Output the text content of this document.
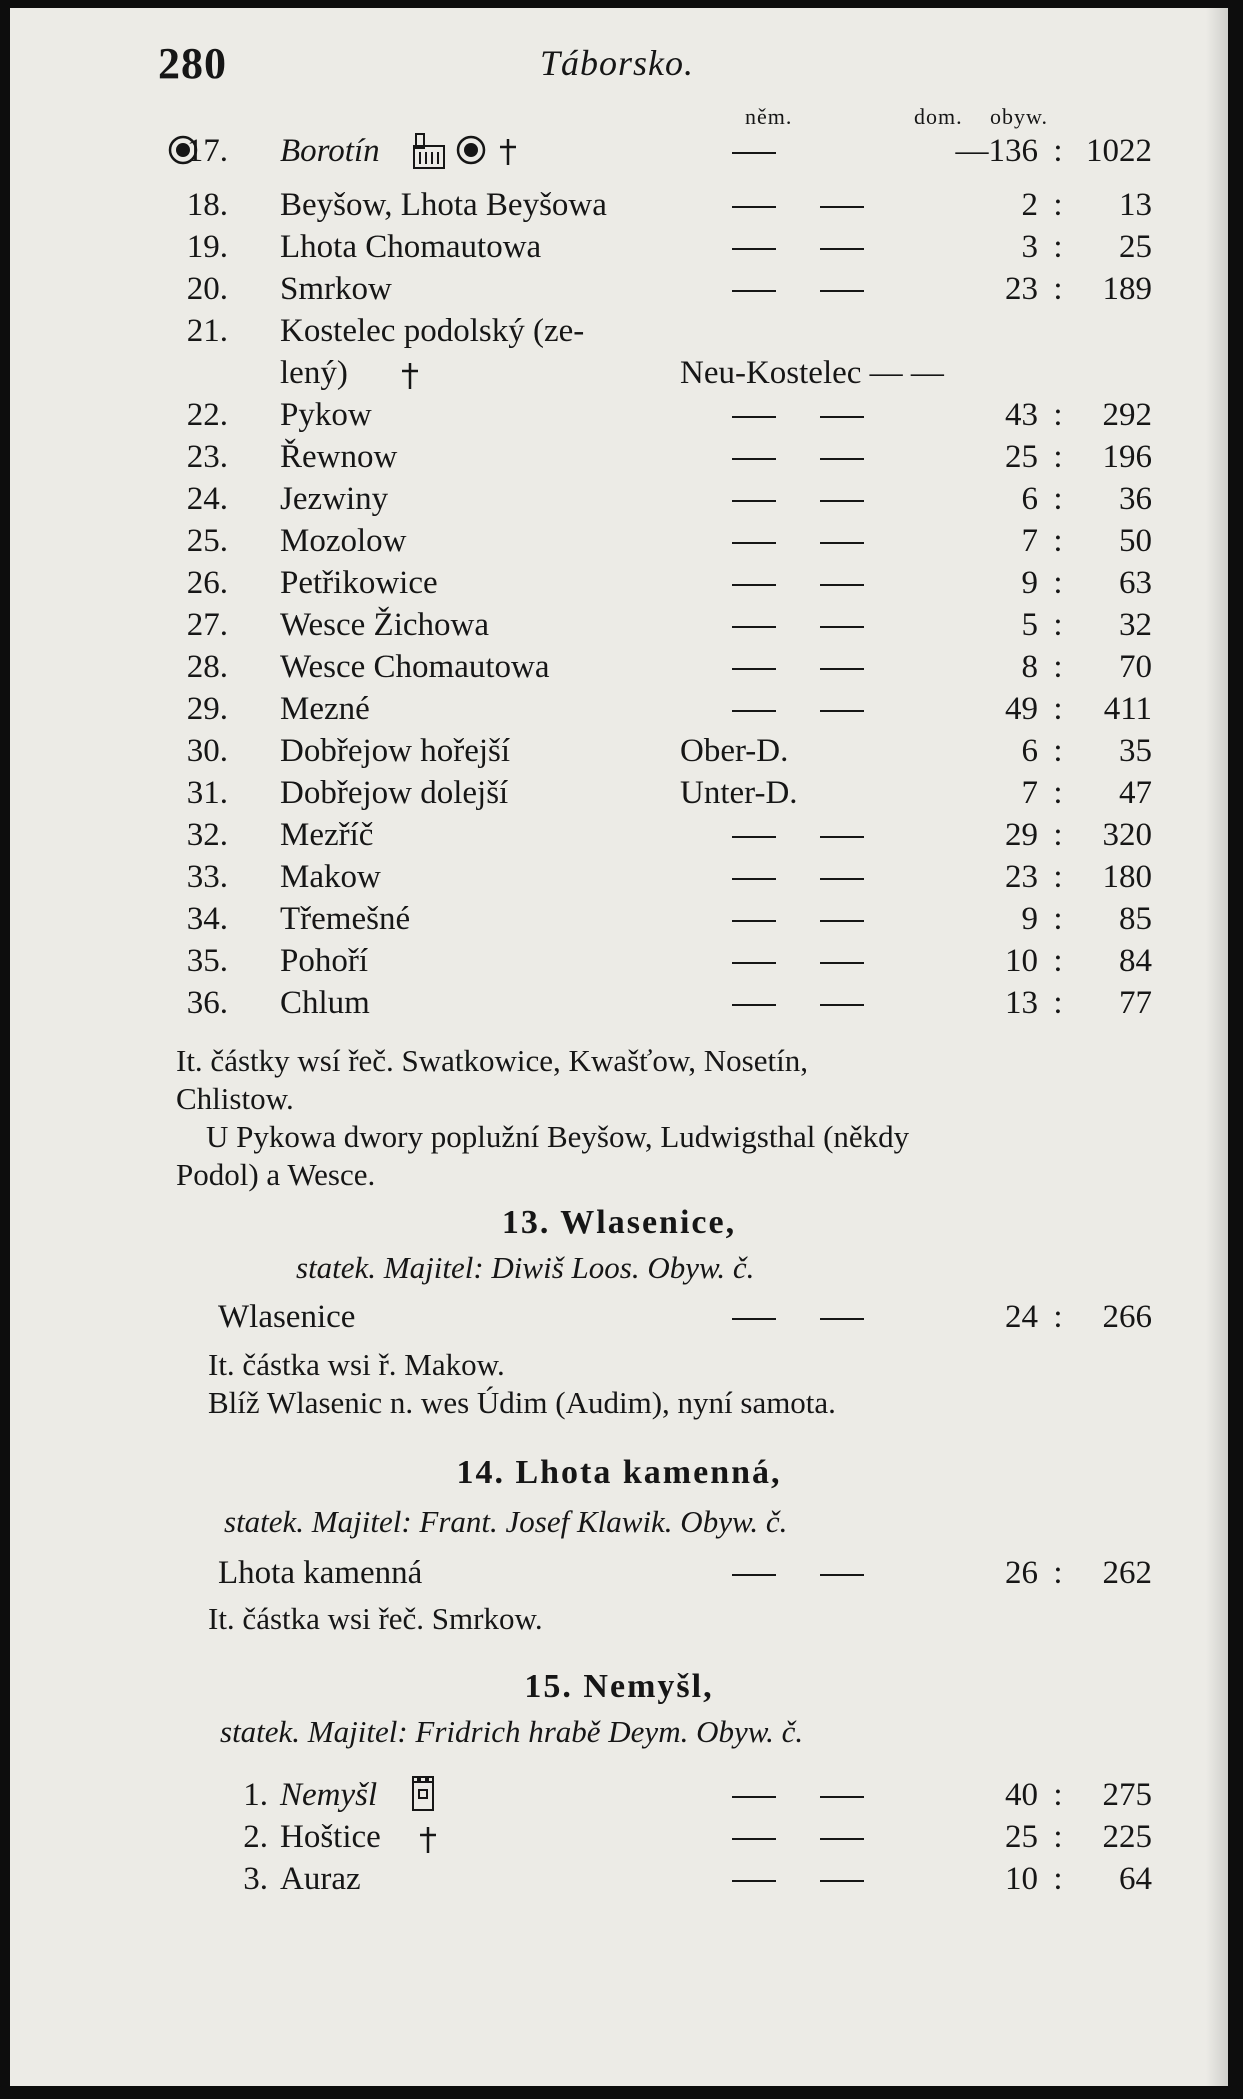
280	Táborsko.
něm.	dom. obyw.
17. Borotín	—136 : 1022
18. Beyšow, Lhota Beyšowa	2 :	13
19. Lhota Chomautowa	3 :	25
20. Smrkow	23 :	189
21. Kostelec podolský (ze-
lený)	Neu-Kostelec — —
22. Pykow	43 :	292
23. Řewnow	25 :	196
24. Jezwiny	6 :	36
25. Mozolow	7 :	50
26. Petřikowice	9 :	63
27. Wesce Žichowa	5 :	32
28. Wesce Chomautowa	8 :	70
29. Mezné	49 :	411
30. Dobřejow hořejší	Ober-D.	6 :	35
31. Dobřejow dolejší	Unter-D.	7 :	47
32. Mezříč	29 :	320
33. Makow	23 :	180
34. Třemešné	9 :	85
35. Pohoří	10 :	84
36. Chlum	13 :	77
It. částky wsí řeč. Swatkowice, Kwašťow, Nosetín,
Chlistow.
U Pykowa dwory poplužní Beyšow, Ludwigsthal (někdy
Podol) a Wesce.
13. Wlasenice,
statek. Majitel: Diwiš Loos. Obyw. č.
Wlasenice	24 :	266
It. částka wsi ř. Makow.
Blíž Wlasenic n. wes Údim (Audim), nyní samota.
14. Lhota kamenná,
statek. Majitel: Frant. Josef Klawik. Obyw. č.
Lhota kamenná	26 :	262
It. částka wsi řeč. Smrkow.
15. Nemyšl,
statek. Majitel: Fridrich hrabě Deym. Obyw. č.
1. Nemyšl	40 :	275
2. Hoštice	25 :	225
3. Auraz	10 :	64
